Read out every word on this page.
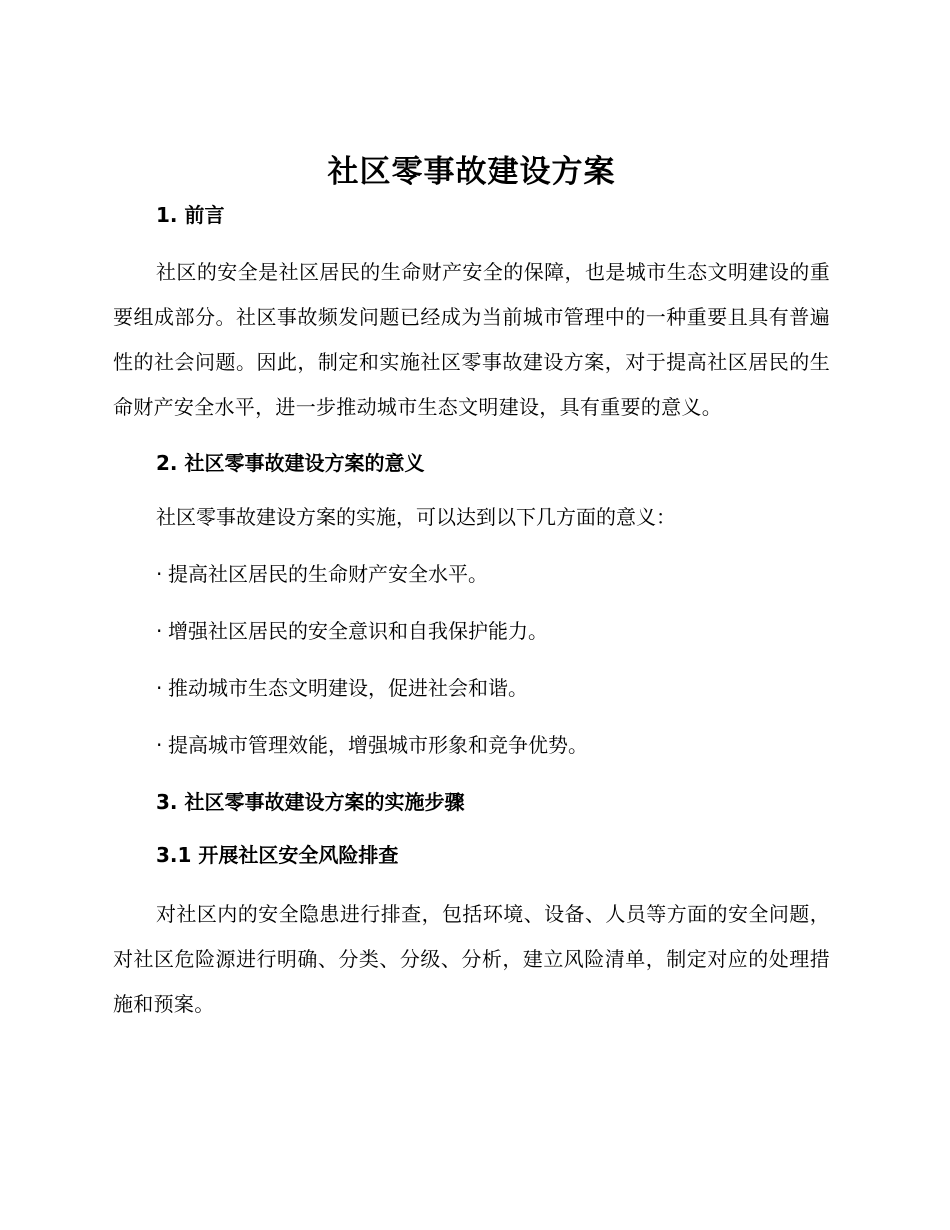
社区零事故建设方案
1. 前言

社区的安全是社区居民的生命财产安全的保障，也是城市生态文明建设的重要组成部分。社区事故频发问题已经成为当前城市管理中的一种重要且具有普遍性的社会问题。因此，制定和实施社区零事故建设方案，对于提高社区居民的生命财产安全水平，进一步推动城市生态文明建设，具有重要的意义。

2. 社区零事故建设方案的意义

社区零事故建设方案的实施，可以达到以下几方面的意义：

· 提高社区居民的生命财产安全水平。

· 增强社区居民的安全意识和自我保护能力。

· 推动城市生态文明建设，促进社会和谐。

· 提高城市管理效能，增强城市形象和竞争优势。

3. 社区零事故建设方案的实施步骤
3.1 开展社区安全风险排查

对社区内的安全隐患进行排查，包括环境、设备、人员等方面的安全问题，对社区危险源进行明确、分类、分级、分析，建立风险清单，制定对应的处理措施和预案。
